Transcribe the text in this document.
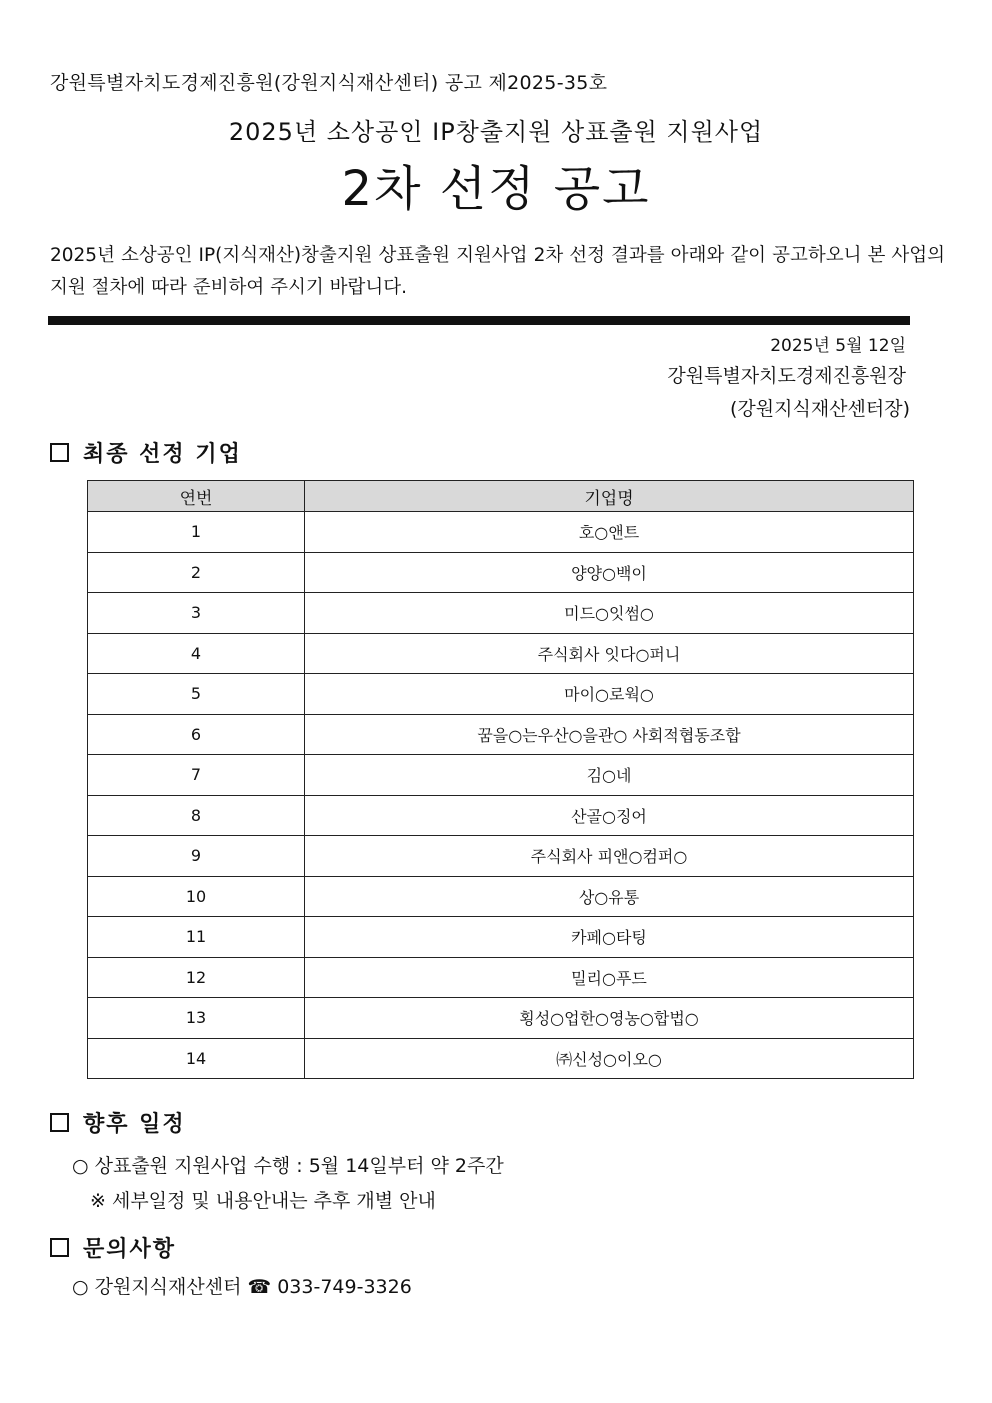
강원특별자치도경제진흥원(강원지식재산센터) 공고 제2025-35호
2025년 소상공인 IP창출지원 상표출원 지원사업
2차 선정 공고
2025년 소상공인 IP(지식재산)창출지원 상표출원 지원사업 2차 선정 결과를 아래와 같이 공고하오니 본 사업의 지원 절차에 따라 준비하여 주시기 바랍니다.
2025년 5월 12일
강원특별자치도경제진흥원장
(강원지식재산센터장)
최종 선정 기업
연번	기업명
1	호○앤트
2	양양○백이
3	미드○잇썸○
4	주식회사 잇다○퍼니
5	마이○로웍○
6	꿈을○는우산○을관○ 사회적협동조합
7	김○네
8	산골○징어
9	주식회사 피앤○컴퍼○
10	상○유통
11	카페○타팅
12	밀리○푸드
13	횡성○업한○영농○합법○
14	㈜신성○이오○
향후 일정
○ 상표출원 지원사업 수행 : 5월 14일부터 약 2주간
※ 세부일정 및 내용안내는 추후 개별 안내
문의사항
○ 강원지식재산센터 ☎ 033-749-3326
